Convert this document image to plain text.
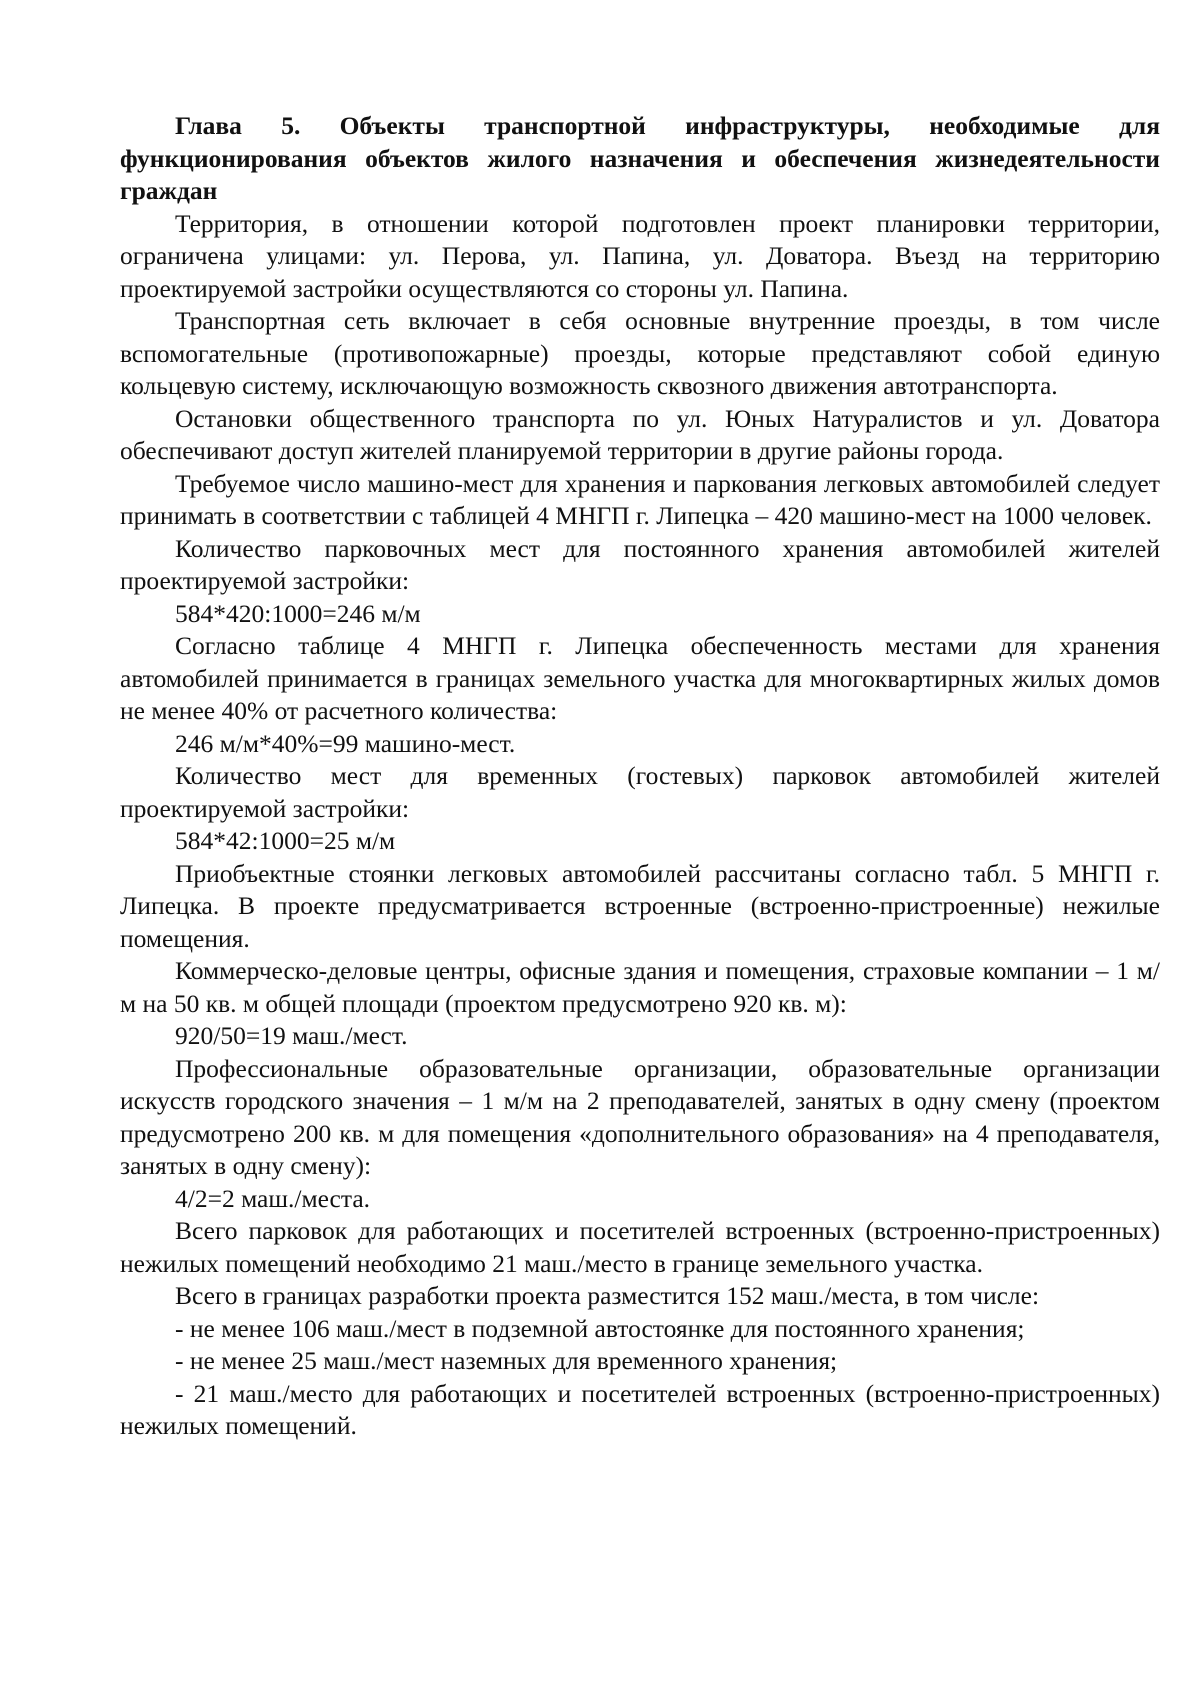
Глава 5. Объекты транспортной инфраструктуры, необходимые для функционирования объектов жилого назначения и обеспечения жизнедеятельности граждан

Территория, в отношении которой подготовлен проект планировки территории, ограничена улицами: ул. Перова, ул. Папина, ул. Доватора. Въезд на территорию проектируемой застройки осуществляются со стороны ул. Папина.

Транспортная сеть включает в себя основные внутренние проезды, в том числе вспомогательные (противопожарные) проезды, которые представляют собой единую кольцевую систему, исключающую возможность сквозного движения автотранспорта.

Остановки общественного транспорта по ул. Юных Натуралистов и ул. Доватора обеспечивают доступ жителей планируемой территории в другие районы города.

Требуемое число машино-мест для хранения и паркования легковых автомобилей следует принимать в соответствии с таблицей 4 МНГП г. Липецка – 420 машино-мест на 1000 человек.

Количество парковочных мест для постоянного хранения автомобилей жителей проектируемой застройки:

584*420:1000=246 м/м

Согласно таблице 4 МНГП г. Липецка обеспеченность местами для хранения автомобилей принимается в границах земельного участка для многоквартирных жилых домов не менее 40% от расчетного количества:

246 м/м*40%=99 машино-мест.

Количество мест для временных (гостевых) парковок автомобилей жителей проектируемой застройки:

584*42:1000=25 м/м

Приобъектные стоянки легковых автомобилей рассчитаны согласно табл. 5 МНГП г. Липецка. В проекте предусматривается встроенные (встроенно-пристроенные) нежилые помещения.

Коммерческо-деловые центры, офисные здания и помещения, страховые компании – 1 м/м на 50 кв. м общей площади (проектом предусмотрено 920 кв. м):

920/50=19 маш./мест.

Профессиональные образовательные организации, образовательные организации искусств городского значения – 1 м/м на 2 преподавателей, занятых в одну смену (проектом предусмотрено 200 кв. м для помещения «дополнительного образования» на 4 преподавателя, занятых в одну смену):

4/2=2 маш./места.

Всего парковок для работающих и посетителей встроенных (встроенно-пристроенных) нежилых помещений необходимо 21 маш./место в границе земельного участка.

Всего в границах разработки проекта разместится 152 маш./места, в том числе:

- не менее 106 маш./мест в подземной автостоянке для постоянного хранения;

- не менее 25 маш./мест наземных для временного хранения;

- 21 маш./место для работающих и посетителей встроенных (встроенно-пристроенных) нежилых помещений.
